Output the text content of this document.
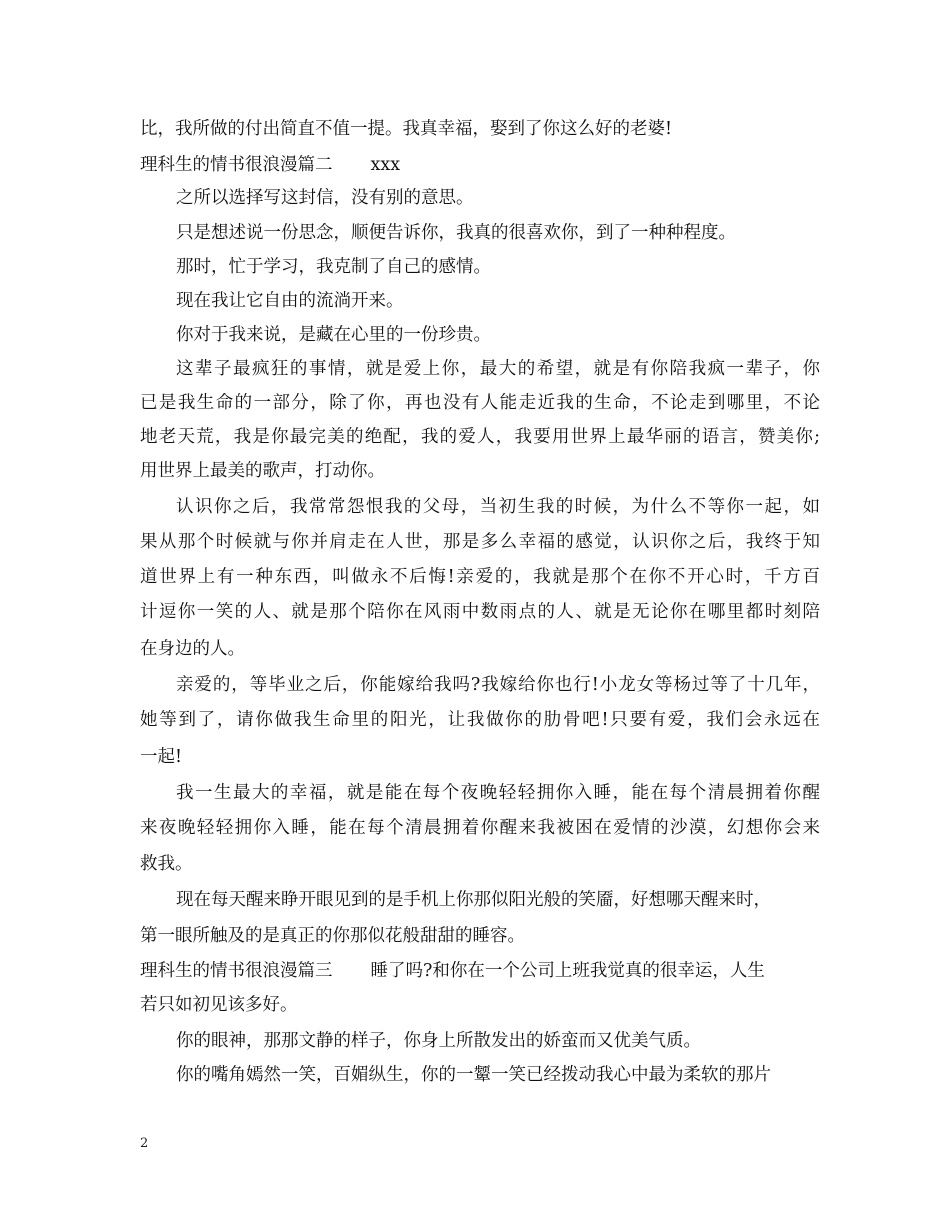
比，我所做的付出简直不值一提。我真幸福，娶到了你这么好的老婆!
理科生的情书很浪漫篇二 xxx
之所以选择写这封信，没有别的意思。
只是想述说一份思念，顺便告诉你，我真的很喜欢你，到了一种种程度。
那时，忙于学习，我克制了自己的感情。
现在我让它自由的流淌开来。
你对于我来说，是藏在心里的一份珍贵。
这辈子最疯狂的事情，就是爱上你，最大的希望，就是有你陪我疯一辈子，你
已是我生命的一部分，除了你，再也没有人能走近我的生命，不论走到哪里，不论
地老天荒，我是你最完美的绝配，我的爱人，我要用世界上最华丽的语言，赞美你;
用世界上最美的歌声，打动你。
认识你之后，我常常怨恨我的父母，当初生我的时候，为什么不等你一起，如
果从那个时候就与你并肩走在人世，那是多么幸福的感觉，认识你之后，我终于知
道世界上有一种东西，叫做永不后悔!亲爱的，我就是那个在你不开心时，千方百
计逗你一笑的人、就是那个陪你在风雨中数雨点的人、就是无论你在哪里都时刻陪
在身边的人。
亲爱的，等毕业之后，你能嫁给我吗?我嫁给你也行!小龙女等杨过等了十几年，
她等到了，请你做我生命里的阳光，让我做你的肋骨吧!只要有爱，我们会永远在
一起!
我一生最大的幸福，就是能在每个夜晚轻轻拥你入睡，能在每个清晨拥着你醒
来夜晚轻轻拥你入睡，能在每个清晨拥着你醒来我被困在爱情的沙漠，幻想你会来
救我。
现在每天醒来睁开眼见到的是手机上你那似阳光般的笑靥，好想哪天醒来时，
第一眼所触及的是真正的你那似花般甜甜的睡容。
理科生的情书很浪漫篇三 睡了吗?和你在一个公司上班我觉真的很幸运，人生
若只如初见该多好。
你的眼神，那那文静的样子，你身上所散发出的娇蛮而又优美气质。
你的嘴角嫣然一笑，百媚纵生，你的一颦一笑已经拨动我心中最为柔软的那片
2
